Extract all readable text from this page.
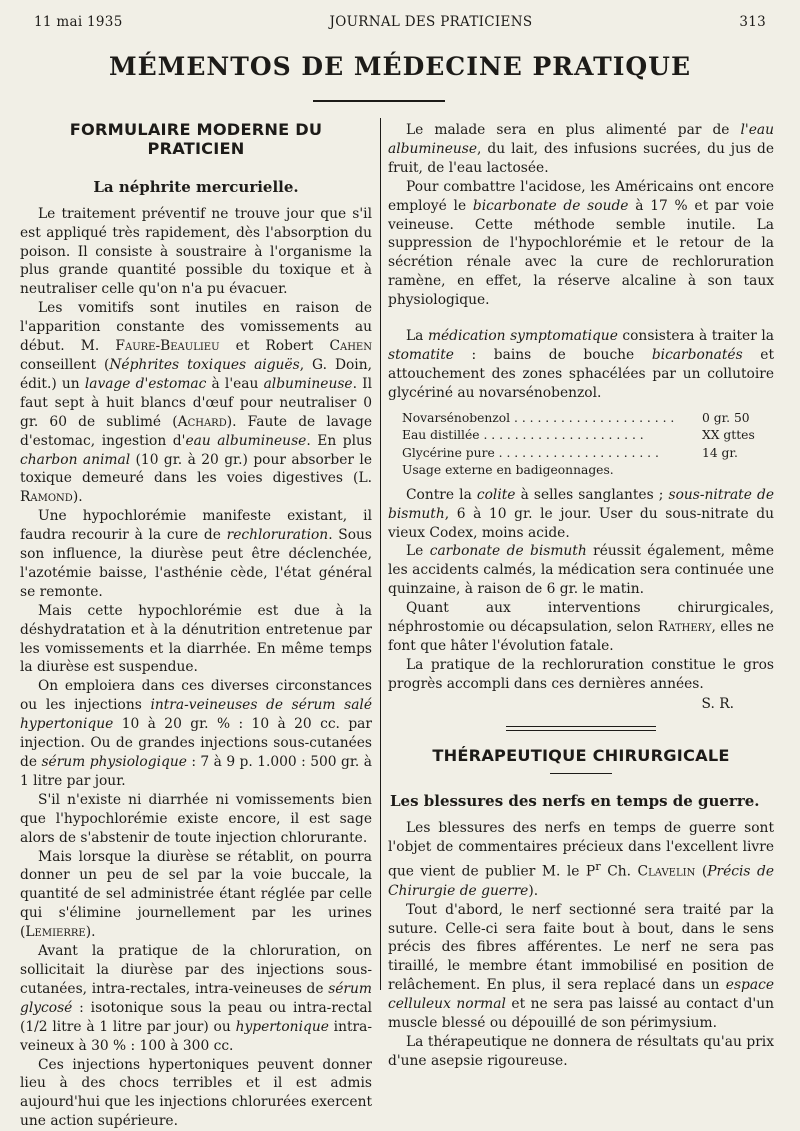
11 mai 1935	JOURNAL DES PRATICIENS	313
MÉMENTOS DE MÉDECINE PRATIQUE
FORMULAIRE MODERNE DU PRATICIEN
La néphrite mercurielle.

Le traitement préventif ne trouve jour que s'il est appliqué très rapidement, dès l'absorption du poison. Il consiste à soustraire à l'organisme la plus grande quantité possible du toxique et à neutraliser celle qu'on n'a pu évacuer.

Les vomitifs sont inutiles en raison de l'apparition constante des vomissements au début. M. Faure-Beaulieu et Robert Cahen conseillent (Néphrites toxiques aiguës, G. Doin, édit.) un lavage d'estomac à l'eau albumineuse. Il faut sept à huit blancs d'œuf pour neutraliser 0 gr. 60 de sublimé (Achard). Faute de lavage d'estomac, ingestion d'eau albumineuse. En plus charbon animal (10 gr. à 20 gr.) pour absorber le toxique demeuré dans les voies digestives (L. Ramond).

Une hypochlorémie manifeste existant, il faudra recourir à la cure de rechloruration. Sous son influence, la diurèse peut être déclenchée, l'azotémie baisse, l'asthénie cède, l'état général se remonte.

Mais cette hypochlorémie est due à la déshydratation et à la dénutrition entretenue par les vomissements et la diarrhée. En même temps la diurèse est suspendue.

On emploiera dans ces diverses circonstances ou les injections intra-veineuses de sérum salé hypertonique 10 à 20 gr. % : 10 à 20 cc. par injection. Ou de grandes injections sous-cutanées de sérum physiologique : 7 à 9 p. 1.000 : 500 gr. à 1 litre par jour.

S'il n'existe ni diarrhée ni vomissements bien que l'hypochlorémie existe encore, il est sage alors de s'abstenir de toute injection chlorurante.

Mais lorsque la diurèse se rétablit, on pourra donner un peu de sel par la voie buccale, la quantité de sel administrée étant réglée par celle qui s'élimine journellement par les urines (Lemierre).

Avant la pratique de la chloruration, on sollicitait la diurèse par des injections sous-cutanées, intra-rectales, intra-veineuses de sérum glycosé : isotonique sous la peau ou intra-rectal (1/2 litre à 1 litre par jour) ou hypertonique intra-veineux à 30 % : 100 à 300 cc.

Ces injections hypertoniques peuvent donner lieu à des chocs terribles et il est admis aujourd'hui que les injections chlorurées exercent une action supérieure.

Le malade sera en plus alimenté par de l'eau albumineuse, du lait, des infusions sucrées, du jus de fruit, de l'eau lactosée.

Pour combattre l'acidose, les Américains ont encore employé le bicarbonate de soude à 17 % et par voie veineuse. Cette méthode semble inutile. La suppression de l'hypochlorémie et le retour de la sécrétion rénale avec la cure de rechloruration ramène, en effet, la réserve alcaline à son taux physiologique.

La médication symptomatique consistera à traiter la stomatite : bains de bouche bicarbonatés et attouchement des zones sphacélées par un collutoire glycériné au novarsénobenzol.

Novarsénobenzol . . .	0 gr. 50
Eau distillée . . .	XX gttes
Glycérine pure . . .	14 gr.
Usage externe en badigeonnages.

Contre la colite à selles sanglantes ; sous-nitrate de bismuth, 6 à 10 gr. le jour. User du sous-nitrate du vieux Codex, moins acide.

Le carbonate de bismuth réussit également, même les accidents calmés, la médication sera continuée une quinzaine, à raison de 6 gr. le matin.

Quant aux interventions chirurgicales, néphrostomie ou décapsulation, selon Rathery, elles ne font que hâter l'évolution fatale.

La pratique de la rechloruration constitue le gros progrès accompli dans ces dernières années.

S. R.
THÉRAPEUTIQUE CHIRURGICALE
Les blessures des nerfs en temps de guerre.

Les blessures des nerfs en temps de guerre sont l'objet de commentaires précieux dans l'excellent livre que vient de publier M. le $P^r$ Ch. Clavelin (Précis de Chirurgie de guerre).

Tout d'abord, le nerf sectionné sera traité par la suture. Celle-ci sera faite bout à bout, dans le sens précis des fibres afférentes. Le nerf ne sera pas tiraillé, le membre étant immobilisé en position de relâchement. En plus, il sera replacé dans un espace celluleux normal et ne sera pas laissé au contact d'un muscle blessé ou dépouillé de son périmysium.

La thérapeutique ne donnera de résultats qu'au prix d'une asepsie rigoureuse.
